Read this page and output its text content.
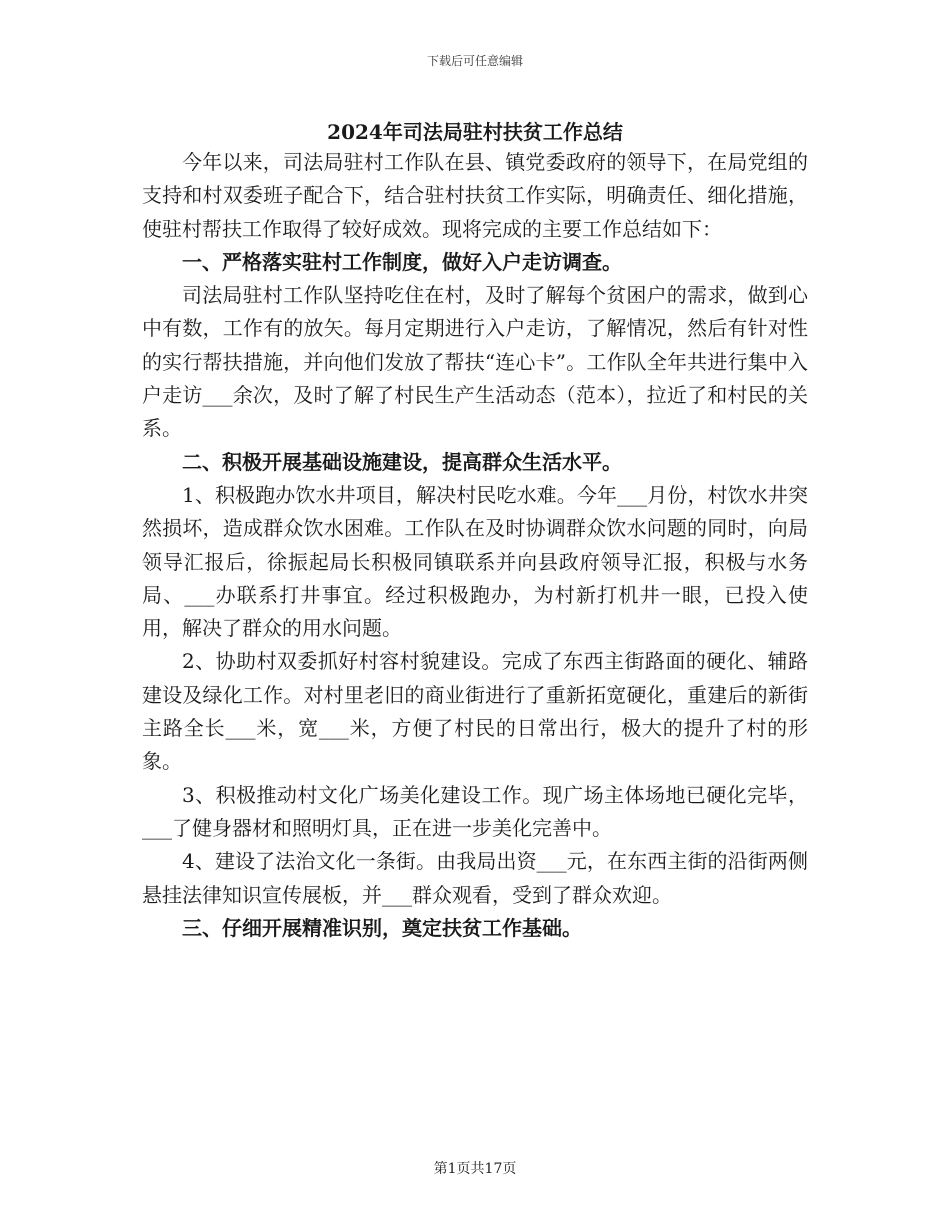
下载后可任意编辑
2024年司法局驻村扶贫工作总结

今年以来，司法局驻村工作队在县、镇党委政府的领导下，在局党组的支持和村双委班子配合下，结合驻村扶贫工作实际，明确责任、细化措施，使驻村帮扶工作取得了较好成效。现将完成的主要工作总结如下：

一、严格落实驻村工作制度，做好入户走访调查。

司法局驻村工作队坚持吃住在村，及时了解每个贫困户的需求，做到心中有数，工作有的放矢。每月定期进行入户走访，了解情况，然后有针对性的实行帮扶措施，并向他们发放了帮扶“连心卡”。工作队全年共进行集中入户走访___余次，及时了解了村民生产生活动态（范本），拉近了和村民的关系。

二、积极开展基础设施建设，提高群众生活水平。

1、积极跑办饮水井项目，解决村民吃水难。今年___月份，村饮水井突然损坏，造成群众饮水困难。工作队在及时协调群众饮水问题的同时，向局领导汇报后，徐振起局长积极同镇联系并向县政府领导汇报，积极与水务局、___办联系打井事宜。经过积极跑办，为村新打机井一眼，已投入使用，解决了群众的用水问题。

2、协助村双委抓好村容村貌建设。完成了东西主街路面的硬化、辅路建设及绿化工作。对村里老旧的商业街进行了重新拓宽硬化，重建后的新街主路全长___米，宽___米，方便了村民的日常出行，极大的提升了村的形象。

3、积极推动村文化广场美化建设工作。现广场主体场地已硬化完毕，___了健身器材和照明灯具，正在进一步美化完善中。

4、建设了法治文化一条街。由我局出资___元，在东西主街的沿街两侧悬挂法律知识宣传展板，并___群众观看，受到了群众欢迎。

三、仔细开展精准识别，奠定扶贫工作基础。

第1页共17页
